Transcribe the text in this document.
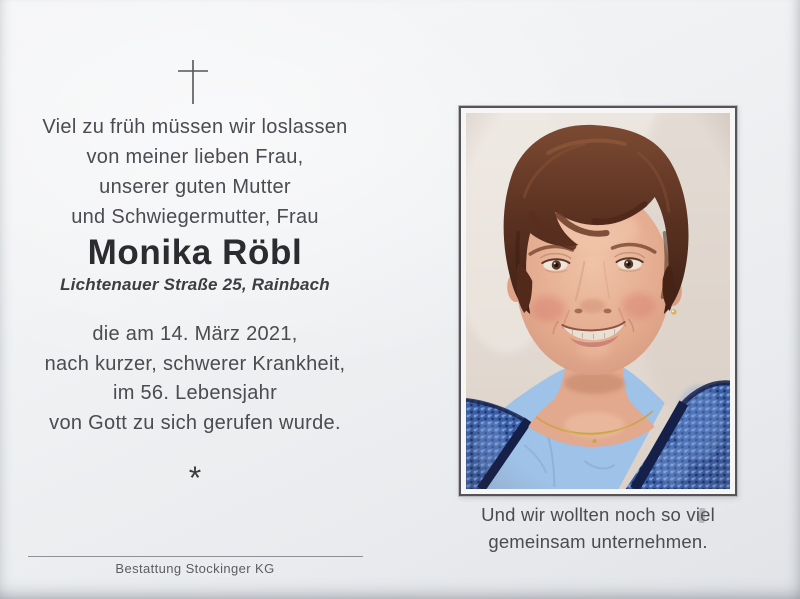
Viel zu früh müssen wir loslassen
von meiner lieben Frau,
unserer guten Mutter
und Schwiegermutter, Frau
Monika Röbl
Lichtenauer Straße 25, Rainbach
die am 14. März 2021,
nach kurzer, schwerer Krankheit,
im 56. Lebensjahr
von Gott zu sich gerufen wurde.
*
Bestattung Stockinger KG
Und wir wollten noch so viel
gemeinsam unternehmen.
